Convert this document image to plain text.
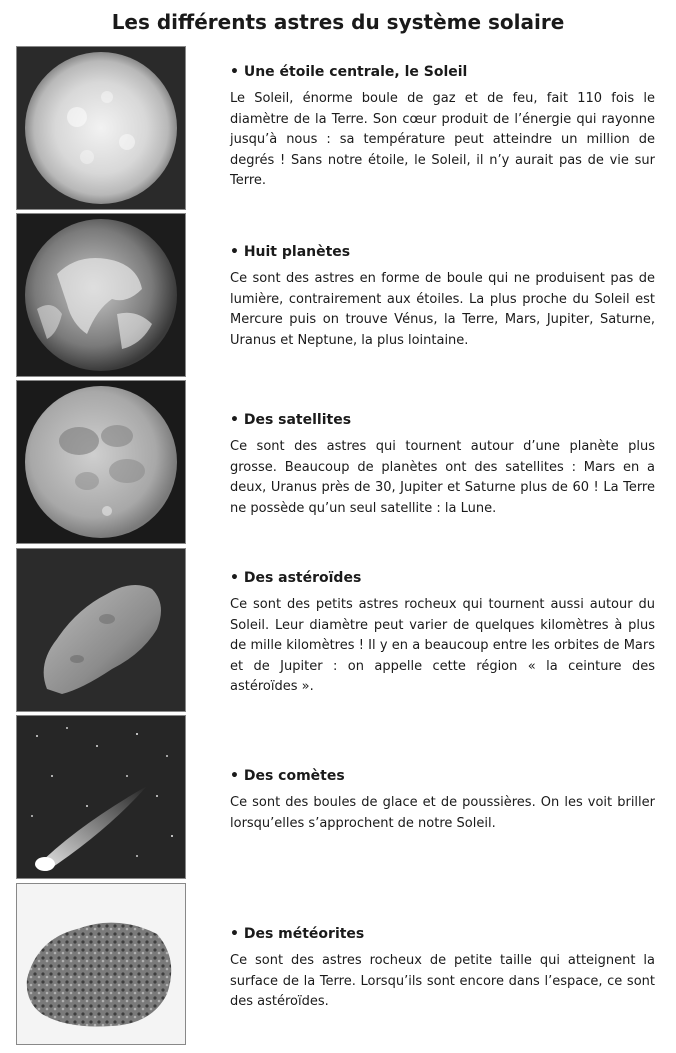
Les différents astres du système solaire

• Une étoile centrale, le Soleil

Le Soleil, énorme boule de gaz et de feu, fait 110 fois le diamètre de la Terre. Son cœur produit de l’énergie qui rayonne jusqu’à nous : sa température peut atteindre un million de degrés ! Sans notre étoile, le Soleil, il n’y aurait pas de vie sur Terre.

• Huit planètes

Ce sont des astres en forme de boule qui ne produisent pas de lumière, contrairement aux étoiles. La plus proche du Soleil est Mercure puis on trouve Vénus, la Terre, Mars, Jupiter, Saturne, Uranus et Neptune, la plus lointaine.

• Des satellites

Ce sont des astres qui tournent autour d’une planète plus grosse. Beaucoup de planètes ont des satellites : Mars en a deux, Uranus près de 30, Jupiter et Saturne plus de 60 ! La Terre ne possède qu’un seul satellite : la Lune.

• Des astéroïdes

Ce sont des petits astres rocheux qui tournent aussi autour du Soleil. Leur diamètre peut varier de quelques kilomètres à plus de mille kilomètres ! Il y en a beaucoup entre les orbites de Mars et de Jupiter : on appelle cette région « la ceinture des astéroïdes ».

• Des comètes

Ce sont des boules de glace et de poussières. On les voit briller lorsqu’elles s’approchent de notre Soleil.

• Des météorites

Ce sont des astres rocheux de petite taille qui atteignent la surface de la Terre. Lorsqu’ils sont encore dans l’espace, ce sont des astéroïdes.
